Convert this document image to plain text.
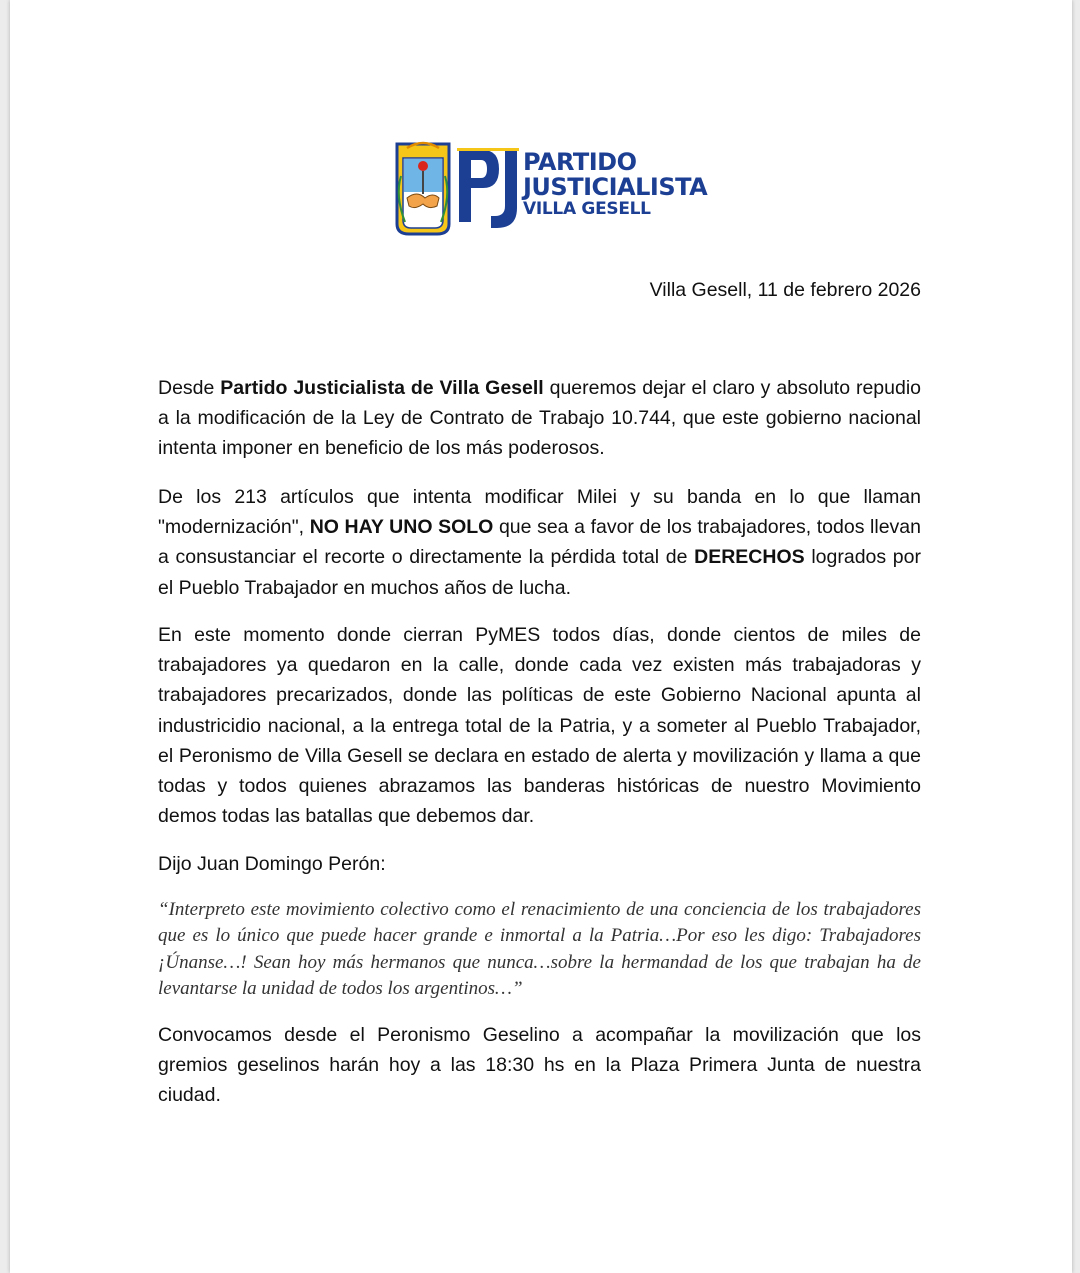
PARTIDO
JUSTICIALISTA
VILLA GESELL
Villa Gesell, 11 de febrero 2026

Desde Partido Justicialista de Villa Gesell queremos dejar el claro y absoluto repudio a la modificación de la Ley de Contrato de Trabajo 10.744, que este gobierno nacional intenta imponer en beneficio de los más poderosos.

De los 213 artículos que intenta modificar Milei y su banda en lo que llaman "modernización", NO HAY UNO SOLO que sea a favor de los trabajadores, todos llevan a consustanciar el recorte o directamente la pérdida total de DERECHOS logrados por el Pueblo Trabajador en muchos años de lucha.

En este momento donde cierran PyMES todos días, donde cientos de miles de trabajadores ya quedaron en la calle, donde cada vez existen más trabajadoras y trabajadores precarizados, donde las políticas de este Gobierno Nacional apunta al industricidio nacional, a la entrega total de la Patria, y a someter al Pueblo Trabajador, el Peronismo de Villa Gesell se declara en estado de alerta y movilización y llama a que todas y todos quienes abrazamos las banderas históricas de nuestro Movimiento demos todas las batallas que debemos dar.

Dijo Juan Domingo Perón:

“Interpreto este movimiento colectivo como el renacimiento de una conciencia de los trabajadores que es lo único que puede hacer grande e inmortal a la Patria…Por eso les digo: Trabajadores ¡Únanse…! Sean hoy más hermanos que nunca…sobre la hermandad de los que trabajan ha de levantarse la unidad de todos los argentinos…”

Convocamos desde el Peronismo Geselino a acompañar la movilización que los gremios geselinos harán hoy a las 18:30 hs en la Plaza Primera Junta de nuestra ciudad.
